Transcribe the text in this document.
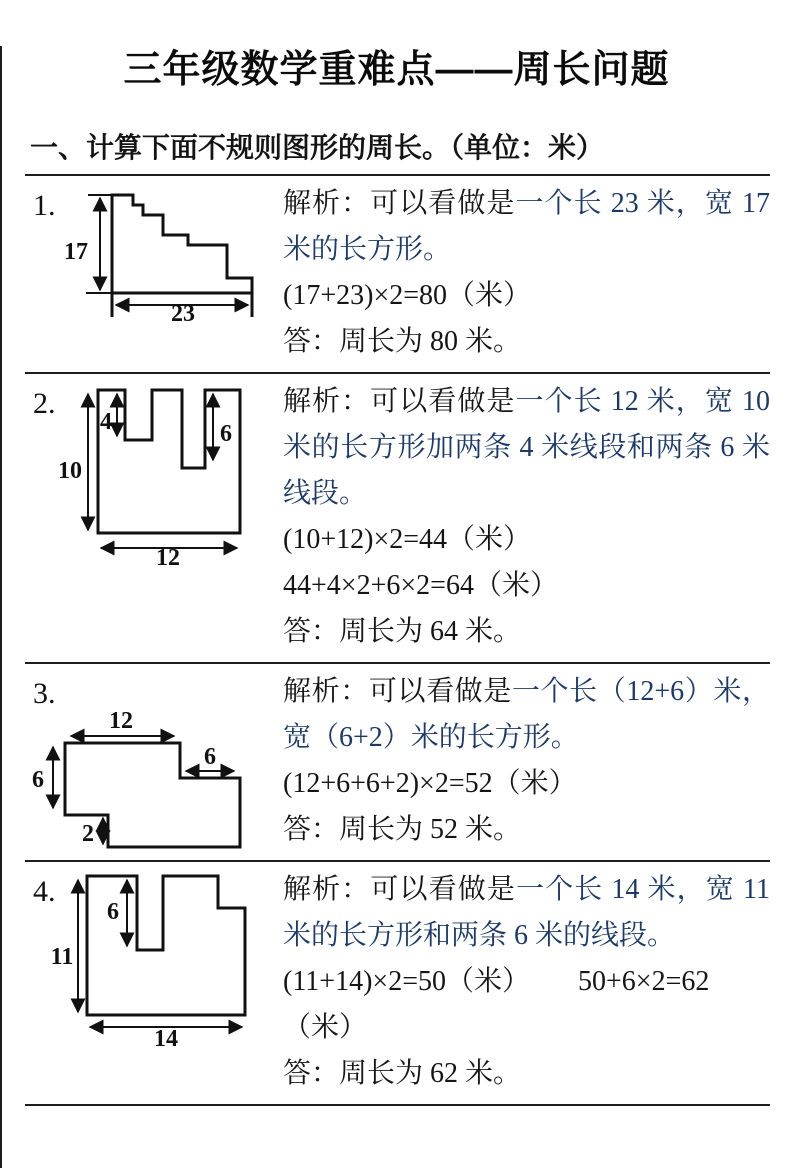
三年级数学重难点——周长问题
一、计算下面不规则图形的周长。（单位：米）
1.
17
23

解析：可以看做是一个长 23 米，宽 17 米的长方形。

(17+23)×2=80（米）

答：周长为 80 米。

2.
10
12
4	6

解析：可以看做是一个长 12 米，宽 10 米的长方形加两条 4 米线段和两条 6 米线段。

(10+12)×2=44（米）

44+4×2+6×2=64（米）

答：周长为 64 米。

3.
12
6
6
2

解析：可以看做是一个长（12+6）米，宽（6+2）米的长方形。

(12+6+6+2)×2=52（米）

答：周长为 52 米。

4.
11
6
14

解析：可以看做是一个长 14 米，宽 11 米的长方形和两条 6 米的线段。

(11+14)×2=50（米） 50+6×2=62（米）

答：周长为 62 米。
